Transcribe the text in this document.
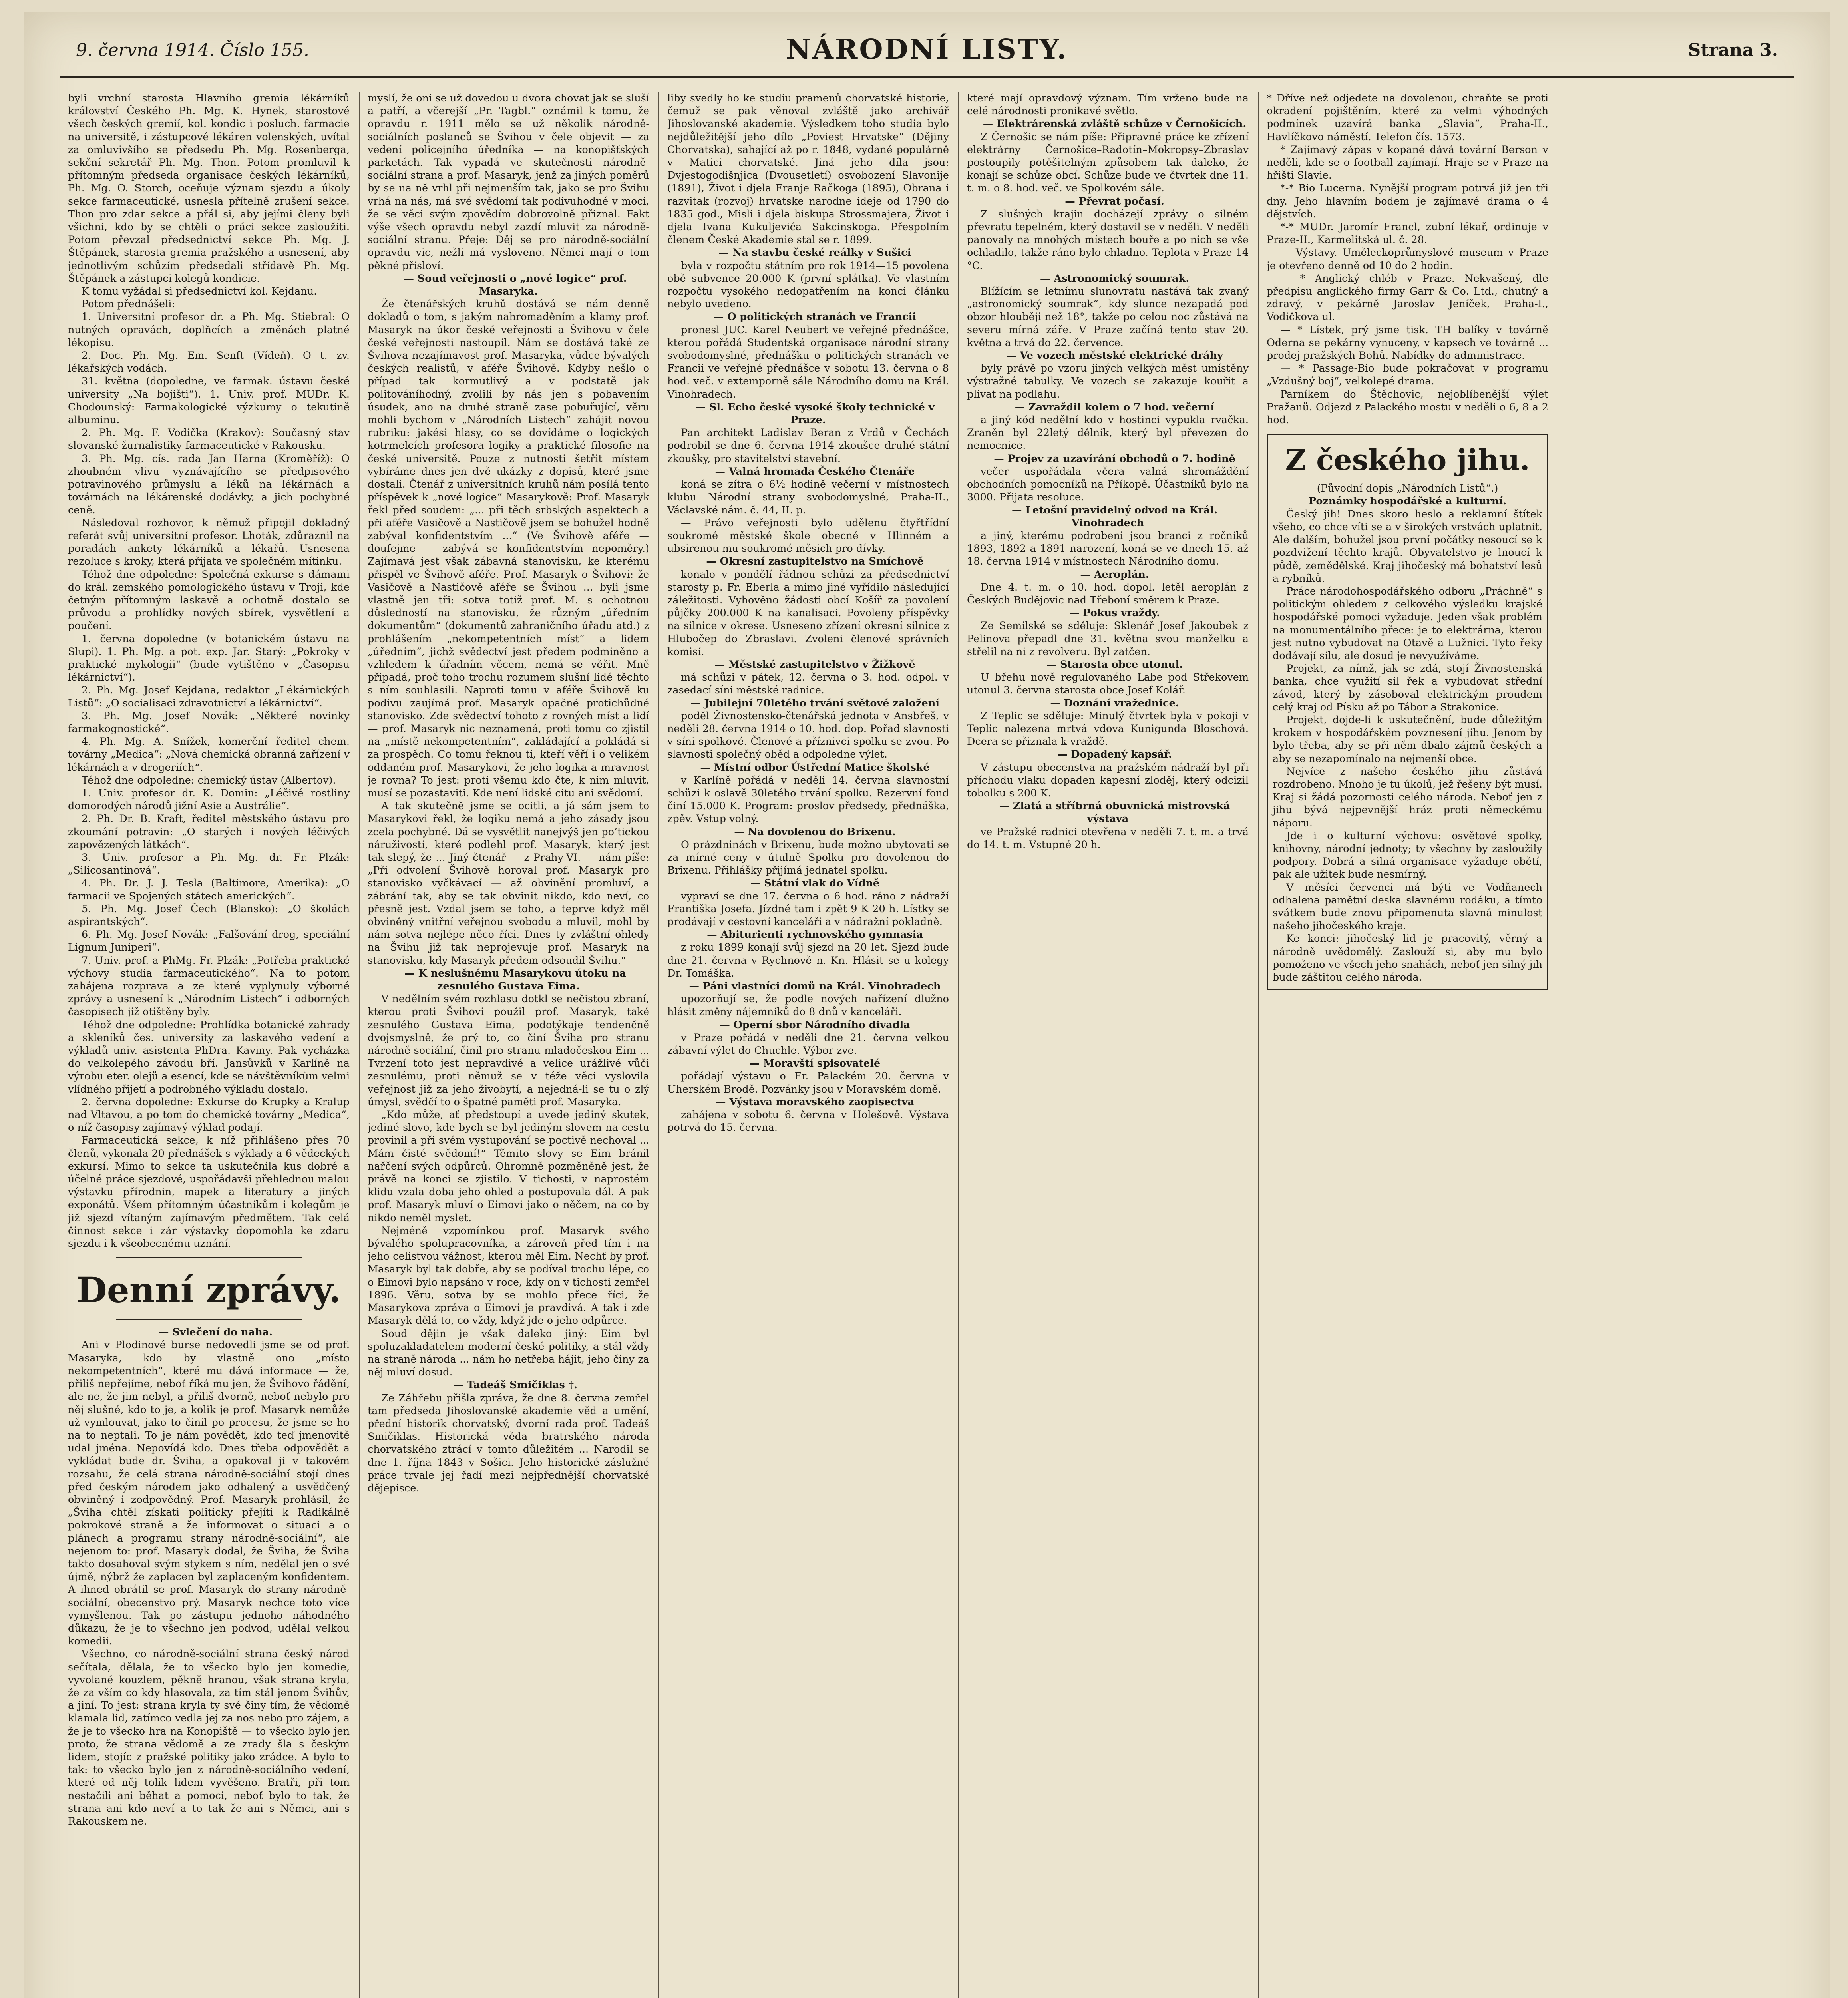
9. června 1914. Číslo 155.	NÁRODNÍ LISTY.	Strana 3.

byli vrchní starosta Hlavního gremia lékárníků království Českého Ph. Mg. K. Hynek, starostové všech českých gremií, kol. kondic i posluch. farmacie na universitě, i zástupcové lékáren volenských, uvítal za omluvivšího se předsedu Ph. Mg. Rosenberga, sekční sekretář Ph. Mg. Thon. Potom promluvil k přítomným předseda organisace českých lékárníků, Ph. Mg. O. Storch, oceňuje význam sjezdu a úkoly sekce farmaceutické, usnesla přítelně zrušení sekce. Thon pro zdar sekce a přál si, aby jejími členy byli všichni, kdo by se chtěli o práci sekce zasloužiti. Potom převzal předsednictví sekce Ph. Mg. J. Štěpánek, starosta gremia pražského a usnesení, aby jednotlivým schůzím předsedali střídavě Ph. Mg. Štěpánek a zástupci kolegů kondicie.

K tomu vyžádal si předsednictví kol. Kejdanu.

Potom přednášeli:

1. Universitní profesor dr. a Ph. Mg. Stiebral: O nutných opravách, doplňcích a změnách platné lékopisu.

2. Doc. Ph. Mg. Em. Senft (Vídeň). O t. zv. lékařských vodách.

31. května (dopoledne, ve farmak. ústavu české university „Na bojišti“). 1. Univ. prof. MUDr. K. Chodounský: Farmakologické výzkumy o tekutině albuminu.

2. Ph. Mg. F. Vodička (Krakov): Současný stav slovanské žurnalistiky farmaceutické v Rakousku.

3. Ph. Mg. cís. rada Jan Harna (Kroměříž): O zhoubném vlivu vyznávajícího se předpisového potravinového průmyslu a léků na lékárnách a továrnách na lékárenské dodávky, a jich pochybné ceně.

Následoval rozhovor, k němuž připojil dokladný referát svůj universitní profesor. Lhoták, zdůraznil na poradách ankety lékárníků a lékařů. Usnesena rezoluce s kroky, která přijata ve společném mítinku.

Téhož dne odpoledne: Společná exkurse s dámami do král. zemského pomologického ústavu v Troji, kde četným přítomným laskavě a ochotně dostalo se průvodu a prohlídky nových sbírek, vysvětlení a poučení.

1. června dopoledne (v botanickém ústavu na Slupi). 1. Ph. Mg. a pot. exp. Jar. Starý: „Pokroky v praktické mykologii“ (bude vytištěno v „Časopisu lékárnictví“).

2. Ph. Mg. Josef Kejdana, redaktor „Lékárnických Listů“: „O socialisaci zdravotnictví a lékárnictví“.

3. Ph. Mg. Josef Novák: „Některé novinky farmakognostické“.

4. Ph. Mg. A. Snížek, komerční ředitel chem. továrny „Medica“: „Nová chemická obranná zařízení v lékárnách a v drogeriích“.

Téhož dne odpoledne: chemický ústav (Albertov).

1. Univ. profesor dr. K. Domin: „Léčivé rostliny domorodých národů jižní Asie a Austrálie“.

2. Ph. Dr. B. Kraft, ředitel městského ústavu pro zkoumání potravin: „O starých i nových léčivých zapovězených látkách“.

3. Univ. profesor a Ph. Mg. dr. Fr. Plzák: „Silicosantinová“.

4. Ph. Dr. J. J. Tesla (Baltimore, Amerika): „O farmacii ve Spojených státech amerických“.

5. Ph. Mg. Josef Čech (Blansko): „O školách aspirantských“.

6. Ph. Mg. Josef Novák: „Falšování drog, speciální Lignum Juniperi“.

7. Univ. prof. a PhMg. Fr. Plzák: „Potřeba praktické výchovy studia farmaceutického“. Na to potom zahájena rozprava a ze které vyplynuly výborné zprávy a usnesení k „Národním Listech“ i odborných časopisech již otištěny byly.

Téhož dne odpoledne: Prohlídka botanické zahrady a skleníků čes. university za laskavého vedení a výkladů univ. asistenta PhDra. Kaviny. Pak vycházka do velkolepého závodu bří. Jansůvků v Karlíně na výrobu eter. olejů a esencí, kde se návštěvníkům velmi vlídného přijetí a podrobného výkladu dostalo.

2. června dopoledne: Exkurse do Krupky a Kralup nad Vltavou, a po tom do chemické továrny „Medica“, o níž časopisy zajímavý výklad podají.

Farmaceutická sekce, k níž přihlášeno přes 70 členů, vykonala 20 přednášek s výklady a 6 vědeckých exkursí. Mimo to sekce ta uskutečnila kus dobré a účelné práce sjezdové, uspořádavši přehlednou malou výstavku přírodnin, mapek a literatury a jiných exponátů. Všem přítomným účastníkům i kolegům je již sjezd vítaným zajímavým předmětem. Tak celá činnost sekce i zár výstavky dopomohla ke zdaru sjezdu i k všeobecnému uznání.

Denní zprávy.

— Svlečení do naha.

Ani v Plodinové burse nedovedli jsme se od prof. Masaryka, kdo by vlastně ono „místo nekompetentních“, které mu dává informace — že, přiliš nepřejíme, neboť říká mu jen, že Švihovo řádění, ale ne, že jim nebyl, a přiliš dvorně, neboť nebylo pro něj slušné, kdo to je, a kolik je prof. Masaryk nemůže už vymlouvat, jako to činil po procesu, že jsme se ho na to neptali. To je nám povědět, kdo teď jmenovitě udal jména. Nepovídá kdo. Dnes třeba odpovědět a vykládat bude dr. Šviha, a opakoval ji v takovém rozsahu, že celá strana národně-sociální stojí dnes před českým národem jako odhalený a usvědčený obviněný i zodpovědný. Prof. Masaryk prohlásil, že „Šviha chtěl získati politicky přejíti k Radikálně pokrokové straně a že informovat o situaci a o plánech a programu strany národně-sociální“, ale nejenom to: prof. Masaryk dodal, že Šviha, že Šviha takto dosahoval svým stykem s ním, nedělal jen o své újmě, nýbrž že zaplacen byl zaplaceným konfidentem. A ihned obrátil se prof. Masaryk do strany národně-sociální, obecenstvo prý. Masaryk nechce toto více vymyšlenou. Tak po zástupu jednoho náhodného důkazu, že je to všechno jen podvod, udělal velkou komedii.

Všechno, co národně-sociální strana český národ sečítala, dělala, že to všecko bylo jen komedie, vyvolané kouzlem, pěkně hranou, však strana kryla, že za vším co kdy hlasovala, za tím stál jenom Švihův, a jiní. To jest: strana kryla ty své činy tím, že vědomě klamala lid, zatímco vedla jej za nos nebo pro zájem, a že je to všecko hra na Konopiště — to všecko bylo jen proto, že strana vědomě a ze zrady šla s českým lidem, stojíc z pražské politiky jako zrádce. A bylo to tak: to všecko bylo jen z národně-sociálního vedení, které od něj tolik lidem vyvěšeno. Bratři, při tom nestačili ani běhat a pomoci, neboť bylo to tak, že strana ani kdo neví a to tak že ani s Němci, ani s Rakouskem ne.

myslí, že oni se už dovedou u dvora chovat jak se sluší a patří, a včerejší „Pr. Tagbl.“ oznámil k tomu, že opravdu r. 1911 mělo se už několik národně-sociálních poslanců se Švihou v čele objevit — za vedení policejního úředníka — na konopišťských parketách. Tak vypadá ve skutečnosti národně-sociální strana a prof. Masaryk, jenž za jiných poměrů by se na ně vrhl při nejmenším tak, jako se pro Švihu vrhá na nás, má své svědomí tak podivuhodné v moci, že se věci svým zpovědím dobrovolně přiznal. Fakt výše všech opravdu nebyl zazdí mluvit za národně-sociální stranu. Přeje: Děj se pro národně-sociální opravdu vic, nežli má vysloveno. Němci mají o tom pěkné přísloví.

— Soud veřejnosti o „nové logice“ prof. Masaryka.

Že čtenářských kruhů dostává se nám denně dokladů o tom, s jakým nahromaděním a klamy prof. Masaryk na úkor české veřejnosti a Švihovu v čele české veřejnosti nastoupil. Nám se dostává také ze Švihova nezajímavost prof. Masaryka, vůdce bývalých českých realistů, v aféře Švihově. Kdyby nešlo o případ tak kormutlivý a v podstatě jak politováníhodný, zvolili by nás jen s pobavením úsudek, ano na druhé straně zase pobuřující, věru mohli bychom v „Národních Listech“ zahájit novou rubriku: jakési hlasy, co se dovídáme o logických kotrmelcích profesora logiky a praktické filosofie na české universitě. Pouze z nutnosti šetřit místem vybíráme dnes jen dvě ukázky z dopisů, které jsme dostali. Čtenář z universitních kruhů nám posílá tento příspěvek k „nové logice“ Masarykově: Prof. Masaryk řekl před soudem: „... při těch srbských aspektech a při aféře Vasičově a Nastičově jsem se bohužel hodně zabýval konfidentstvím ...“ (Ve Švihově aféře — doufejme — zabývá se konfidentstvím nepoměry.) Zajímavá jest však zábavná stanovisku, ke kterému přispěl ve Švihově aféře. Prof. Masaryk o Švihovi: že Vasičově a Nastičově aféře se Švihou ... byli jsme vlastně jen tři: sotva totiž prof. M. s ochotnou důsledností na stanovisku, že různým „úředním dokumentům“ (dokumentů zahraničního úřadu atd.) z prohlášením „nekompetentních míst“ a lidem „úředním“, jichž svědectví jest předem podminěno a vzhledem k úřadním věcem, nemá se věřit. Mně připadá, proč toho trochu rozumem slušní lidé těchto s ním souhlasili. Naproti tomu v aféře Švihově ku podivu zaujímá prof. Masaryk opačné protichůdné stanovisko. Zde svědectví tohoto z rovných míst a lidí — prof. Masaryk nic neznamená, proti tomu co zjistil na „místě nekompetentním“, zakládající a pokládá si za prospěch. Co tomu řeknou ti, kteří věří i o velikém oddaném prof. Masarykovi, že jeho logika a mravnost je rovna? To jest: proti všemu kdo čte, k nim mluvit, musí se pozastaviti. Kde není lidské citu ani svědomí.

A tak skutečně jsme se ocitli, a já sám jsem to Masarykovi řekl, že logiku nemá a jeho zásady jsou zcela pochybné. Dá se vysvětlit nanejvýš jen po’tickou náruživostí, které podlehl prof. Masaryk, který jest tak slepý, že ... Jiný čtenář — z Prahy-VI. — nám píše: „Při odvolení Švihově horoval prof. Masaryk pro stanovisko vyčkávací — až obvinění promluví, a zábrání tak, aby se tak obvinit nikdo, kdo neví, co přesně jest. Vzdal jsem se toho, a teprve když měl obviněný vnitřní veřejnou svobodu a mluvil, mohl by nám sotva nejlépe něco říci. Dnes ty zvláštní ohledy na Švihu již tak neprojevuje prof. Masaryk na stanovisku, kdy Masaryk předem odsoudil Švihu.“

— K neslušnému Masarykovu útoku na zesnulého Gustava Eima.

V nedělním svém rozhlasu dotkl se nečistou zbraní, kterou proti Švihovi použil prof. Masaryk, také zesnulého Gustava Eima, podotýkaje tendenčně dvojsmyslně, že prý to, co činí Šviha pro stranu národně-sociální, činil pro stranu mladočeskou Eim ... Tvrzení toto jest nepravdivé a velice urážlivé vůči zesnulému, proti němuž se v téže věci vyslovila veřejnost již za jeho živobytí, a nejedná-li se tu o zlý úmysl, svědčí to o špatné paměti prof. Masaryka.

„Kdo může, ať předstoupí a uvede jediný skutek, jediné slovo, kde bych se byl jediným slovem na cestu provinil a při svém vystupování se poctivě nechoval ... Mám čisté svědomí!“ Těmito slovy se Eim bránil nařčení svých odpůrců. Ohromně pozměněně jest, že právě na konci se zjistilo. V tichosti, v naprostém klidu vzala doba jeho ohled a postupovala dál. A pak prof. Masaryk mluví o Eimovi jako o něčem, na co by nikdo neměl myslet.

Nejméně vzpomínkou prof. Masaryk svého bývalého spolupracovníka, a zároveň před tím i na jeho celistvou vážnost, kterou měl Eim. Nechť by prof. Masaryk byl tak dobře, aby se podíval trochu lépe, co o Eimovi bylo napsáno v roce, kdy on v tichosti zemřel 1896. Věru, sotva by se mohlo přece říci, že Masarykova zpráva o Eimovi je pravdivá. A tak i zde Masaryk dělá to, co vždy, když jde o jeho odpůrce.

Soud dějin je však daleko jiný: Eim byl spoluzakladatelem moderní české politiky, a stál vždy na straně národa ... nám ho netřeba hájit, jeho činy za něj mluví dosud.

— Tadeáš Smičiklas †.

Ze Záhřebu přišla zpráva, že dne 8. června zemřel tam předseda Jihoslovanské akademie věd a umění, přední historik chorvatský, dvorní rada prof. Tadeáš Smičiklas. Historická věda bratrského národa chorvatského ztrácí v tomto důležitém ... Narodil se dne 1. října 1843 v Sošici. Jeho historické záslužné práce trvale jej řadí mezi nejpřednější chorvatské dějepisce.

liby svedly ho ke studiu pramenů chorvatské historie, čemuž se pak věnoval zvláště jako archivář Jihoslovanské akademie. Výsledkem toho studia bylo nejdůležitější jeho dílo „Poviest Hrvatske“ (Dějiny Chorvatska), sahající až po r. 1848, vydané populárně v Matici chorvatské. Jiná jeho díla jsou: Dvjestogodišnjica (Dvousetletí) osvobození Slavonije (1891), Život i djela Franje Račkoga (1895), Obrana i razvitak (rozvoj) hrvatske narodne ideje od 1790 do 1835 god., Misli i djela biskupa Strossmajera, Život i djela Ivana Kukuljevića Sakcinskoga. Přespolním členem České Akademie stal se r. 1899.

— Na stavbu české reálky v Sušici

byla v rozpočtu státním pro rok 1914—15 povolena obě subvence 20.000 K (první splátka). Ve vlastním rozpočtu vysokého nedopatřením na konci článku nebylo uvedeno.

— O politických stranách ve Francii

pronesl JUC. Karel Neubert ve veřejné přednášce, kterou pořádá Studentská organisace národní strany svobodomyslné, přednášku o politických stranách ve Francii ve veřejné přednášce v sobotu 13. června o 8 hod. več. v extemporně sále Národního domu na Král. Vinohradech.

— Sl. Echo české vysoké školy technické v Praze.

Pan architekt Ladislav Beran z Vrdů v Čechách podrobil se dne 6. června 1914 zkoušce druhé státní zkoušky, pro stavitelství stavební.

— Valná hromada Českého Čtenáře

koná se zítra o 6½ hodině večerní v místnostech klubu Národní strany svobodomyslné, Praha-II., Václavské nám. č. 44, II. p.

— Právo veřejnosti bylo udělenu čtyřtřídní soukromé městské škole obecné v Hlinném a ubsirenou mu soukromé měsich pro dívky.

— Okresní zastupitelstvo na Smíchově

konalo v pondělí řádnou schůzi za předsednictví starosty p. Fr. Eberla a mimo jiné vyřídilo následující záležitosti. Vyhověno žádosti obcí Košíř za povolení půjčky 200.000 K na kanalisaci. Povoleny příspěvky na silnice v okrese. Usneseno zřízení okresní silnice z Hlubočep do Zbraslavi. Zvoleni členové správních komisí.

— Městské zastupitelstvo v Žižkově

má schůzi v pátek, 12. června o 3. hod. odpol. v zasedací síni městské radnice.

— Jubilejní 70letého trvání světové založení

poděl Živnostensko-čtenářská jednota v Ansbřeš, v neděli 28. června 1914 o 10. hod. dop. Pořad slavnosti v síni spolkové. Členové a příznivci spolku se zvou. Po slavnosti společný oběd a odpoledne výlet.

— Místní odbor Ústřední Matice školské

v Karlíně pořádá v neděli 14. června slavnostní schůzi k oslavě 30letého trvání spolku. Rezervní fond činí 15.000 K. Program: proslov předsedy, přednáška, zpěv. Vstup volný.

— Na dovolenou do Brixenu.

O prázdninách v Brixenu, bude možno ubytovati se za mírné ceny v útulně Spolku pro dovolenou do Brixenu. Přihlášky přijímá jednatel spolku.

— Státní vlak do Vídně

vypraví se dne 17. června o 6 hod. ráno z nádraží Františka Josefa. Jízdné tam i zpět 9 K 20 h. Lístky se prodávají v cestovní kanceláři a v nádražní pokladně.

— Abiturienti rychnovského gymnasia

z roku 1899 konají svůj sjezd na 20 let. Sjezd bude dne 21. června v Rychnově n. Kn. Hlásit se u kolegy Dr. Tomáška.

— Páni vlastníci domů na Král. Vinohradech

upozorňují se, že podle nových nařízení dlužno hlásit změny nájemníků do 8 dnů v kanceláři.

— Operní sbor Národního divadla

v Praze pořádá v neděli dne 21. června velkou zábavní výlet do Chuchle. Výbor zve.

— Moravští spisovatelé

pořádají výstavu o Fr. Palackém 20. června v Uherském Brodě. Pozvánky jsou v Moravském domě.

— Výstava moravského zaopisectva

zahájena v sobotu 6. června v Holešově. Výstava potrvá do 15. června.

které mají opravdový význam. Tím vrženo bude na celé národnosti pronikavé světlo.

— Elektrárenská zvláště schůze v Černošicích.

Z Černošic se nám píše: Připravné práce ke zřízení elektrárny Černošice–Radotín–Mokropsy–Zbraslav postoupily potěšitelným způsobem tak daleko, že konají se schůze obcí. Schůze bude ve čtvrtek dne 11. t. m. o 8. hod. več. ve Spolkovém sále.

— Převrat počasí.

Z slušných krajin docházejí zprávy o silném převratu tepelném, který dostavil se v neděli. V neděli panovaly na mnohých místech bouře a po nich se vše ochladilo, takže ráno bylo chladno. Teplota v Praze 14 °C.

— Astronomický soumrak.

Blížícím se letnímu slunovratu nastává tak zvaný „astronomický soumrak“, kdy slunce nezapadá pod obzor hlouběji než 18°, takže po celou noc zůstává na severu mírná záře. V Praze začíná tento stav 20. května a trvá do 22. července.

— Ve vozech městské elektrické dráhy

byly právě po vzoru jiných velkých měst umístěny výstražné tabulky. Ve vozech se zakazuje kouřit a plivat na podlahu.

— Zavraždil kolem o 7 hod. večerní

a jiný kód nedělní kdo v hostinci vypukla rvačka. Zraněn byl 22letý dělník, který byl převezen do nemocnice.

— Projev za uzavírání obchodů o 7. hodině

večer uspořádala včera valná shromáždění obchodních pomocníků na Příkopě. Účastníků bylo na 3000. Přijata resoluce.

— Letošní pravidelný odvod na Král. Vinohradech

a jiný, kterému podrobeni jsou branci z ročníků 1893, 1892 a 1891 narození, koná se ve dnech 15. až 18. června 1914 v místnostech Národního domu.

— Aeroplán.

Dne 4. t. m. o 10. hod. dopol. letěl aeroplán z Českých Budějovic nad Třeboní směrem k Praze.

— Pokus vraždy.

Ze Semilské se sděluje: Sklenář Josef Jakoubek z Pelinova přepadl dne 31. května svou manželku a střelil na ni z revolveru. Byl zatčen.

— Starosta obce utonul.

U břehu nově regulovaného Labe pod Střekovem utonul 3. června starosta obce Josef Kolář.

— Doznání vražednice.

Z Teplic se sděluje: Minulý čtvrtek byla v pokoji v Teplic nalezena mrtvá vdova Kunigunda Bloschová. Dcera se přiznala k vraždě.

— Dopadený kapsář.

V zástupu obecenstva na pražském nádraží byl při příchodu vlaku dopaden kapesní zloděj, který odcizil tobolku s 200 K.

— Zlatá a stříbrná obuvnická mistrovská výstava

ve Pražské radnici otevřena v neděli 7. t. m. a trvá do 14. t. m. Vstupné 20 h.

* Dříve než odjedete na dovolenou, chraňte se proti okradení pojištěním, které za velmi výhodných podmínek uzavírá banka „Slavia“, Praha-II., Havlíčkovo náměstí. Telefon čís. 1573.

* Zajímavý zápas v kopané dává tovární Berson v neděli, kde se o football zajímají. Hraje se v Praze na hřišti Slavie.

*-* Bio Lucerna. Nynější program potrvá již jen tři dny. Jeho hlavním bodem je zajímavé drama o 4 dějstvích.

*-* MUDr. Jaromír Francl, zubní lékař, ordinuje v Praze-II., Karmelitská ul. č. 28.

— Výstavy. Uměleckoprůmyslové museum v Praze je otevřeno denně od 10 do 2 hodin.

— * Anglický chléb v Praze. Nekvašený, dle předpisu anglického firmy Garr & Co. Ltd., chutný a zdravý, v pekárně Jaroslav Jeníček, Praha-I., Vodičkova ul.

— * Lístek, prý jsme tisk. TH balíky v továrně Oderna se pekárny vynuceny, v kapsech ve továrně ... prodej pražských Bohů. Nabídky do administrace.

— * Passage-Bio bude pokračovat v programu „Vzdušný boj“, velkolepé drama.

Parníkem do Štěchovic, nejoblíbenější výlet Pražanů. Odjezd z Palackého mostu v neděli o 6, 8 a 2 hod.

Z českého jihu.

(Původní dopis „Národních Listů“.)

Poznámky hospodářské a kulturní.

Český jih! Dnes skoro heslo a reklamní štítek všeho, co chce víti se a v širokých vrstvách uplatnit. Ale dalším, bohužel jsou první počátky nesoucí se k pozdvižení těchto krajů. Obyvatelstvo je lnoucí k půdě, zemědělské. Kraj jihočeský má bohatství lesů a rybníků.

Práce národohospodářského odboru „Práchně“ s politickým ohledem z celkového výsledku krajské hospodářské pomoci vyžaduje. Jeden však problém na monumentálního přece: je to elektrárna, kterou jest nutno vybudovat na Otavě a Lužnici. Tyto řeky dodávají sílu, ale dosud je nevyužíváme.

Projekt, za nímž, jak se zdá, stojí Živnostenská banka, chce využití sil řek a vybudovat střední závod, který by zásoboval elektrickým proudem celý kraj od Písku až po Tábor a Strakonice.

Projekt, dojde-li k uskutečnění, bude důležitým krokem v hospodářském povznesení jihu. Jenom by bylo třeba, aby se při něm dbalo zájmů českých a aby se nezapomínalo na nejmenší obce.

Nejvíce z našeho českého jihu zůstává rozdrobeno. Mnoho je tu úkolů, jež řešeny být musí. Kraj si žádá pozornosti celého národa. Neboť jen z jihu bývá nejpevnější hráz proti německému náporu.

Jde i o kulturní výchovu: osvětové spolky, knihovny, národní jednoty; ty všechny by zasloužily podpory. Dobrá a silná organisace vyžaduje obětí, pak ale užitek bude nesmírný.

V měsíci červenci má býti ve Vodňanech odhalena pamětní deska slavnému rodáku, a tímto svátkem bude znovu připomenuta slavná minulost našeho jihočeského kraje.

Ke konci: jihočeský lid je pracovitý, věrný a národně uvědomělý. Zaslouží si, aby mu bylo pomoženo ve všech jeho snahách, neboť jen silný jih bude záštitou celého národa.
